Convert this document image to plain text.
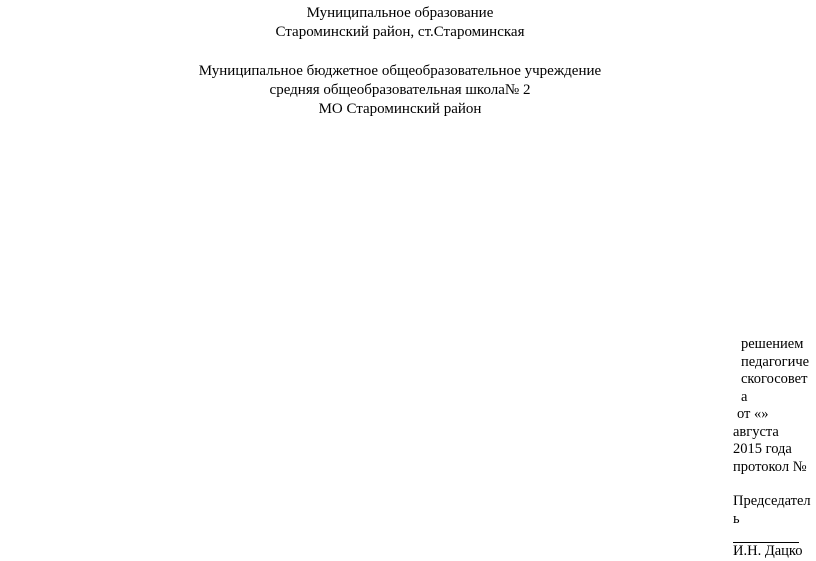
Муниципальное образование
Староминский район, ст.Староминская
Муниципальное бюджетное общеобразовательное учреждение
средняя общеобразовательная школа№ 2
МО Староминский район
решением
педагогиче
скогосовет
а
от «»
августа
2015 года
протокол №
Председател
ь
И.Н. Дацко
